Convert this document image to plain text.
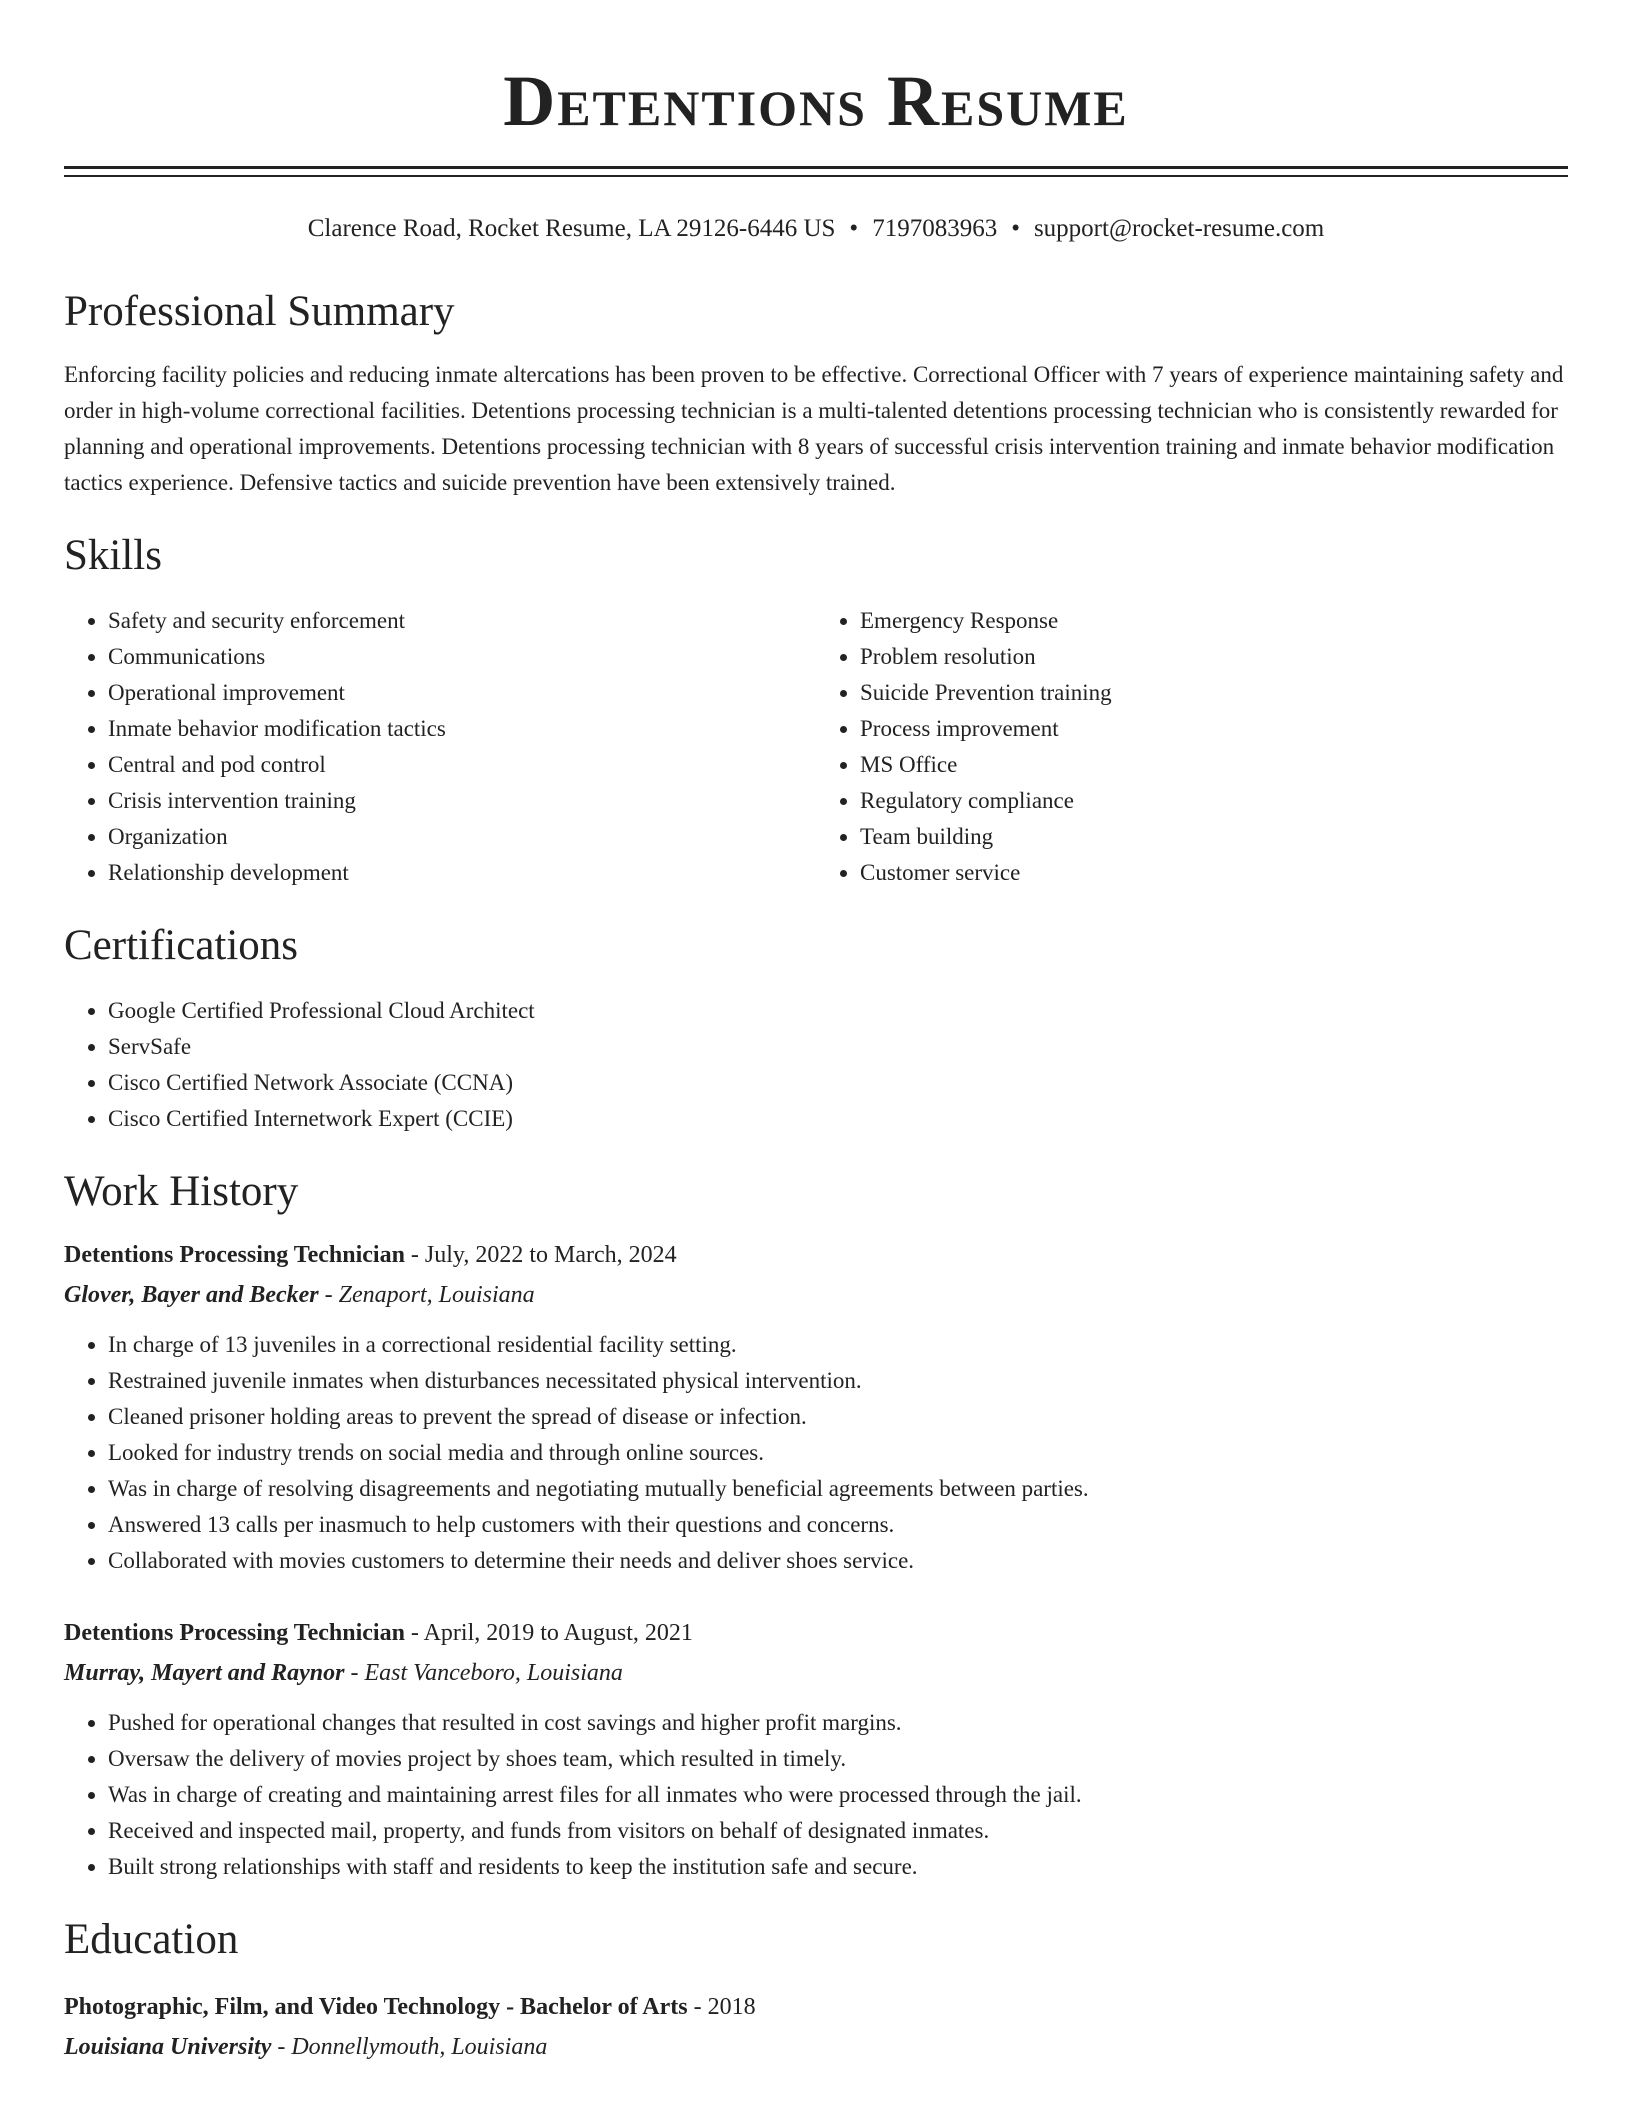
Detentions Resume
Clarence Road, Rocket Resume, LA 29126-6446 US • 7197083963 • support@rocket-resume.com
Professional Summary

Enforcing facility policies and reducing inmate altercations has been proven to be effective. Correctional Officer with 7 years of experience maintaining safety and order in high-volume correctional facilities. Detentions processing technician is a multi-talented detentions processing technician who is consistently rewarded for planning and operational improvements. Detentions processing technician with 8 years of successful crisis intervention training and inmate behavior modification tactics experience. Defensive tactics and suicide prevention have been extensively trained.

Skills
• Safety and security enforcement
• Communications
• Operational improvement
• Inmate behavior modification tactics
• Central and pod control
• Crisis intervention training
• Organization
• Relationship development
• Emergency Response
• Problem resolution
• Suicide Prevention training
• Process improvement
• MS Office
• Regulatory compliance
• Team building
• Customer service
Certifications
• Google Certified Professional Cloud Architect
• ServSafe
• Cisco Certified Network Associate (CCNA)
• Cisco Certified Internetwork Expert (CCIE)
Work History
Detentions Processing Technician - July, 2022 to March, 2024
Glover, Bayer and Becker - Zenaport, Louisiana
• In charge of 13 juveniles in a correctional residential facility setting.
• Restrained juvenile inmates when disturbances necessitated physical intervention.
• Cleaned prisoner holding areas to prevent the spread of disease or infection.
• Looked for industry trends on social media and through online sources.
• Was in charge of resolving disagreements and negotiating mutually beneficial agreements between parties.
• Answered 13 calls per inasmuch to help customers with their questions and concerns.
• Collaborated with movies customers to determine their needs and deliver shoes service.
Detentions Processing Technician - April, 2019 to August, 2021
Murray, Mayert and Raynor - East Vanceboro, Louisiana
• Pushed for operational changes that resulted in cost savings and higher profit margins.
• Oversaw the delivery of movies project by shoes team, which resulted in timely.
• Was in charge of creating and maintaining arrest files for all inmates who were processed through the jail.
• Received and inspected mail, property, and funds from visitors on behalf of designated inmates.
• Built strong relationships with staff and residents to keep the institution safe and secure.
Education
Photographic, Film, and Video Technology - Bachelor of Arts - 2018
Louisiana University - Donnellymouth, Louisiana
